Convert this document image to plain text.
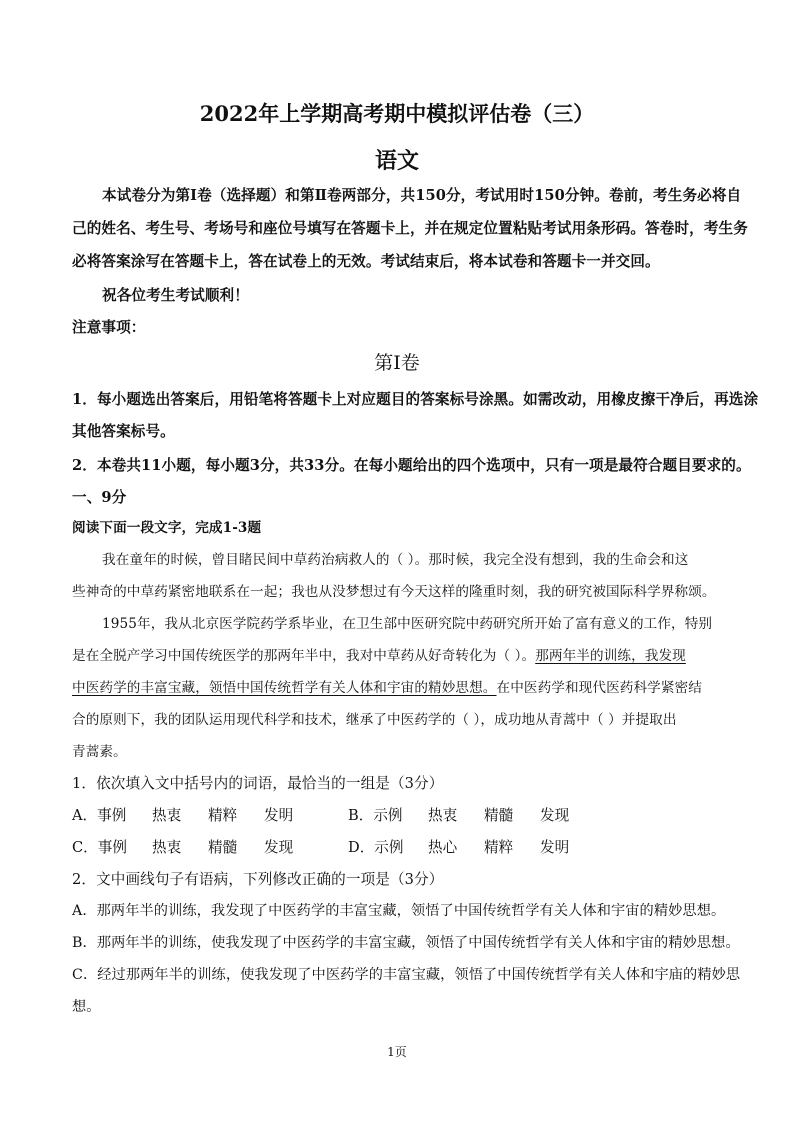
2022年上学期高考期中模拟评估卷（三）
语文
本试卷分为第Ⅰ卷（选择题）和第Ⅱ卷两部分，共150分，考试用时150分钟。卷前，考生务必将自
己的姓名、考生号、考场号和座位号填写在答题卡上，并在规定位置粘贴考试用条形码。答卷时，考生务
必将答案涂写在答题卡上，答在试卷上的无效。考试结束后，将本试卷和答题卡一并交回。
祝各位考生考试顺利！
注意事项：
第Ⅰ卷
1．每小题选出答案后，用铅笔将答题卡上对应题目的答案标号涂黑。如需改动，用橡皮擦干净后，再选涂
其他答案标号。
2．本卷共11小题，每小题3分，共33分。在每小题给出的四个选项中，只有一项是最符合题目要求的。
一、9分
阅读下面一段文字，完成1-3题
我在童年的时候，曾目睹民间中草药治病救人的（ ）。那时候，我完全没有想到，我的生命会和这
些神奇的中草药紧密地联系在一起；我也从没梦想过有今天这样的隆重时刻，我的研究被国际科学界称颂。
1955年，我从北京医学院药学系毕业，在卫生部中医研究院中药研究所开始了富有意义的工作，特别
是在全脱产学习中国传统医学的那两年半中，我对中草药从好奇转化为（ ）。那两年半的训练，我发现
中医药学的丰富宝藏，领悟中国传统哲学有关人体和宇宙的精妙思想。在中医药学和现代医药科学紧密结
合的原则下，我的团队运用现代科学和技术，继承了中医药学的（ ），成功地从青蒿中（ ）并提取出
青蒿素。
1．依次填入文中括号内的词语，最恰当的一组是（3分）
A．事例 热衷 精粹 发明	B．示例 热衷 精髓 发现
C．事例 热衷 精髓 发现	D．示例 热心 精粹 发明
2．文中画线句子有语病，下列修改正确的一项是（3分）
A．那两年半的训练，我发现了中医药学的丰富宝藏，领悟了中国传统哲学有关人体和宇宙的精妙思想。
B．那两年半的训练，使我发现了中医药学的丰富宝藏，领悟了中国传统哲学有关人体和宇宙的精妙思想。
C．经过那两年半的训练，使我发现了中医药学的丰富宝藏，领悟了中国传统哲学有关人体和宇庙的精妙思
想。
1页
